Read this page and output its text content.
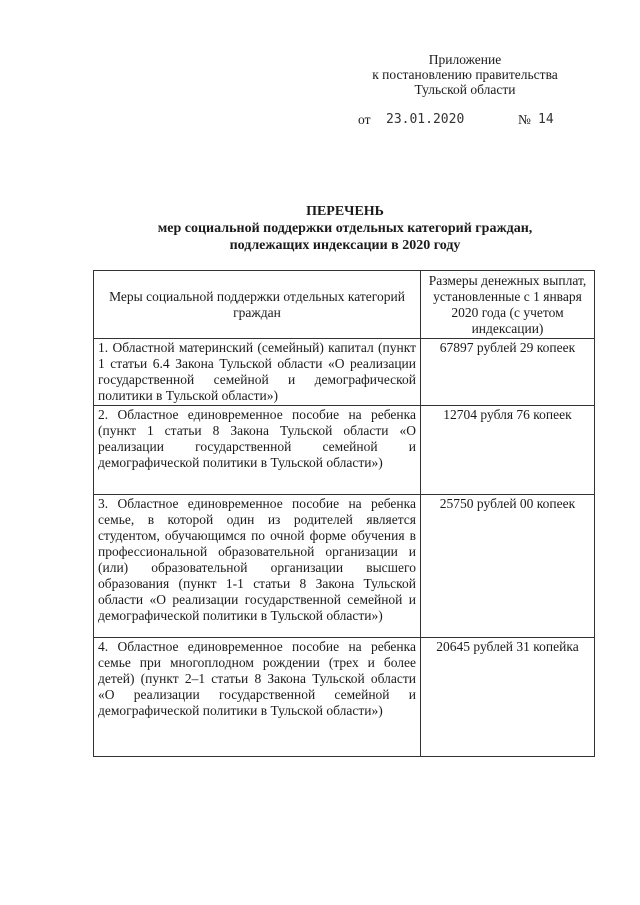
Приложение
к постановлению правительства
Тульской области
от 23.01.2020	№ 14
ПЕРЕЧЕНЬ
мер социальной поддержки отдельных категорий граждан,
подлежащих индексации в 2020 году
Меры социальной поддержки отдельных категорий граждан	Размеры денежных выплат, установленные с 1 января 2020 года (с учетом индексации)
1. Областной материнский (семейный) капитал (пункт 1 статьи 6.4 Закона Тульской области «О реализации государственной семейной и демографической политики в Тульской области»)	67897 рублей 29 копеек
2. Областное единовременное пособие на ребенка (пункт 1 статьи 8 Закона Тульской области «О реализации государственной семейной и демографической политики в Тульской области»)	12704 рубля 76 копеек
3. Областное единовременное пособие на ребенка семье, в которой один из родителей является студентом, обучающимся по очной форме обучения в профессиональной образовательной организации и (или) образовательной организации высшего образования (пункт 1-1 статьи 8 Закона Тульской области «О реализации государственной семейной и демографической политики в Тульской области»)	25750 рублей 00 копеек
4. Областное единовременное пособие на ребенка семье при многоплодном рождении (трех и более детей) (пункт 2–1 статьи 8 Закона Тульской области «О реализации государственной семейной и демографической политики в Тульской области»)	20645 рублей 31 копейка
